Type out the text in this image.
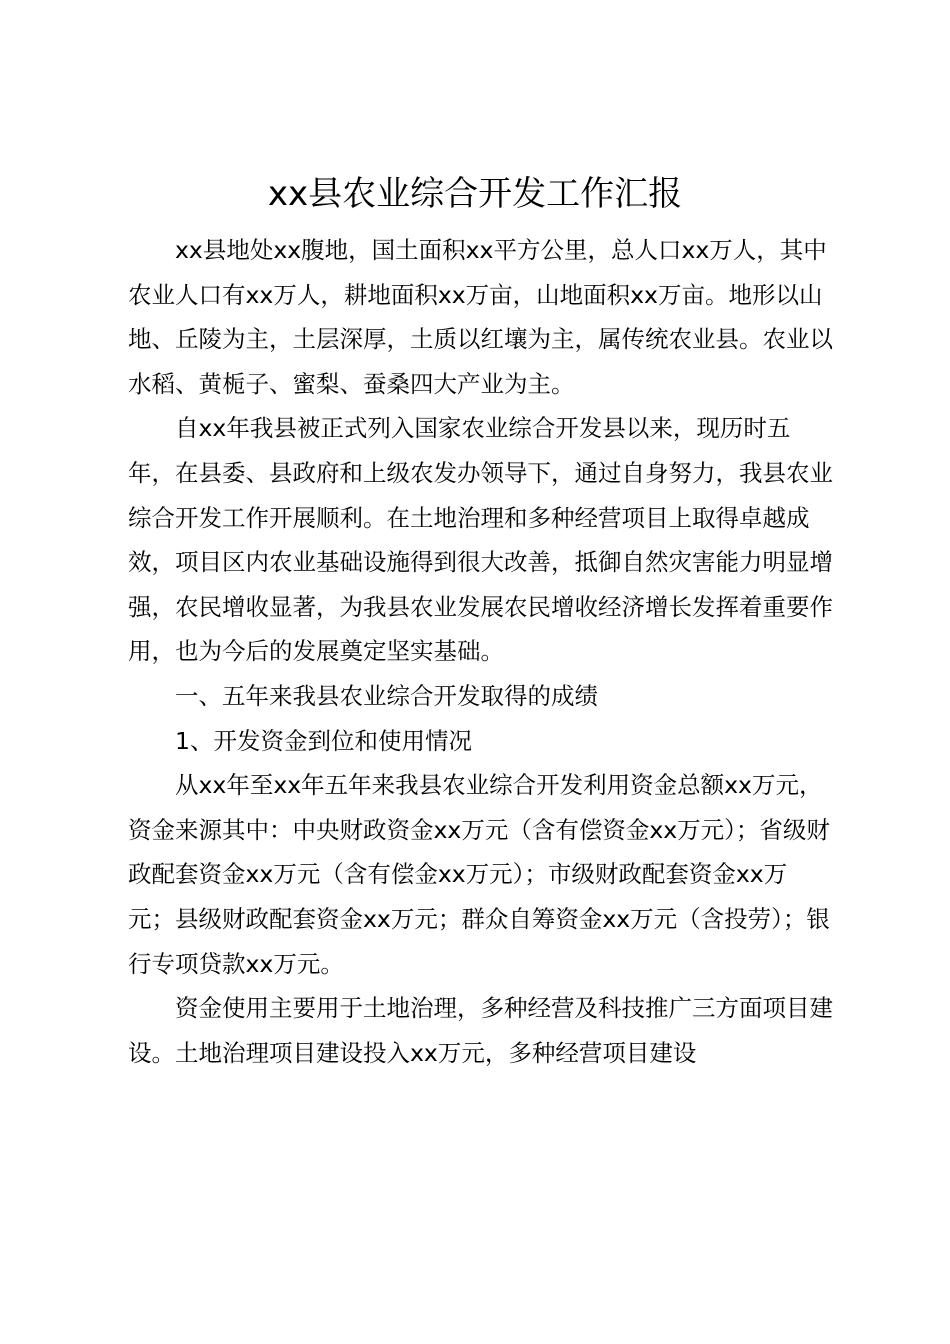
xx县农业综合开发工作汇报

xx县地处xx腹地，国土面积xx平方公里，总人口xx万人，其中农业人口有xx万人，耕地面积xx万亩，山地面积xx万亩。地形以山地、丘陵为主，土层深厚，土质以红壤为主，属传统农业县。农业以水稻、黄栀子、蜜梨、蚕桑四大产业为主。

自xx年我县被正式列入国家农业综合开发县以来，现历时五年，在县委、县政府和上级农发办领导下，通过自身努力，我县农业综合开发工作开展顺利。在土地治理和多种经营项目上取得卓越成效，项目区内农业基础设施得到很大改善，抵御自然灾害能力明显增强，农民增收显著，为我县农业发展农民增收经济增长发挥着重要作用，也为今后的发展奠定坚实基础。

一、五年来我县农业综合开发取得的成绩

1、开发资金到位和使用情况

从xx年至xx年五年来我县农业综合开发利用资金总额xx万元，资金来源其中：中央财政资金xx万元（含有偿资金xx万元）；省级财政配套资金xx万元（含有偿金xx万元）；市级财政配套资金xx万元；县级财政配套资金xx万元；群众自筹资金xx万元（含投劳）；银行专项贷款xx万元。

资金使用主要用于土地治理，多种经营及科技推广三方面项目建设。土地治理项目建设投入xx万元，多种经营项目建设
